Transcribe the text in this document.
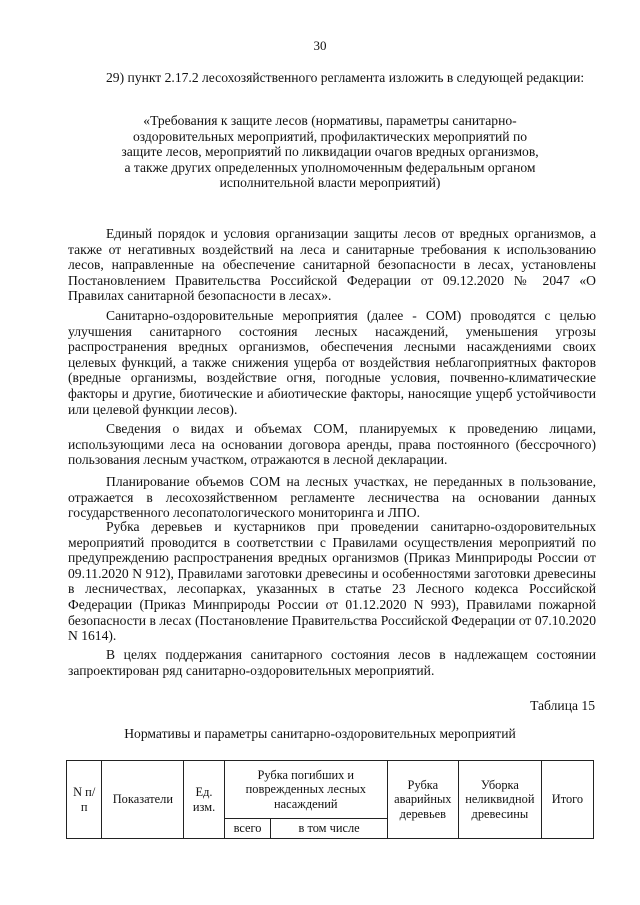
30
29) пункт 2.17.2 лесохозяйственного регламента изложить в следующей редакции:
«Требования к защите лесов (нормативы, параметры санитарно-оздоровительных мероприятий, профилактических мероприятий по защите лесов, мероприятий по ликвидации очагов вредных организмов, а также других определенных уполномоченным федеральным органом исполнительной власти мероприятий)
Единый порядок и условия организации защиты лесов от вредных организмов, а также от негативных воздействий на леса и санитарные требования к использованию лесов, направленные на обеспечение санитарной безопасности в лесах, установлены Постановлением Правительства Российской Федерации от 09.12.2020 № 2047 «О Правилах санитарной безопасности в лесах».
Санитарно-оздоровительные мероприятия (далее - СОМ) проводятся с целью улучшения санитарного состояния лесных насаждений, уменьшения угрозы распространения вредных организмов, обеспечения лесными насаждениями своих целевых функций, а также снижения ущерба от воздействия неблагоприятных факторов (вредные организмы, воздействие огня, погодные условия, почвенно-климатические факторы и другие, биотические и абиотические факторы, наносящие ущерб устойчивости или целевой функции лесов).
Сведения о видах и объемах СОМ, планируемых к проведению лицами, использующими леса на основании договора аренды, права постоянного (бессрочного) пользования лесным участком, отражаются в лесной декларации.
Планирование объемов СОМ на лесных участках, не переданных в пользование, отражается в лесохозяйственном регламенте лесничества на основании данных государственного лесопатологического мониторинга и ЛПО.
Рубка деревьев и кустарников при проведении санитарно-оздоровительных мероприятий проводится в соответствии с Правилами осуществления мероприятий по предупреждению распространения вредных организмов (Приказ Минприроды России от 09.11.2020 N 912), Правилами заготовки древесины и особенностями заготовки древесины в лесничествах, лесопарках, указанных в статье 23 Лесного кодекса Российской Федерации (Приказ Минприроды России от 01.12.2020 N 993), Правилами пожарной безопасности в лесах (Постановление Правительства Российской Федерации от 07.10.2020 N 1614).
В целях поддержания санитарного состояния лесов в надлежащем состоянии запроектирован ряд санитарно-оздоровительных мероприятий.
Таблица 15
Нормативы и параметры санитарно-оздоровительных мероприятий
N п/п	Показатели	Ед. изм.	Рубка погибших и поврежденных лесных насаждений		Рубка аварийных деревьев	Уборка неликвидной древесины	Итого
			всего	в том числе			
